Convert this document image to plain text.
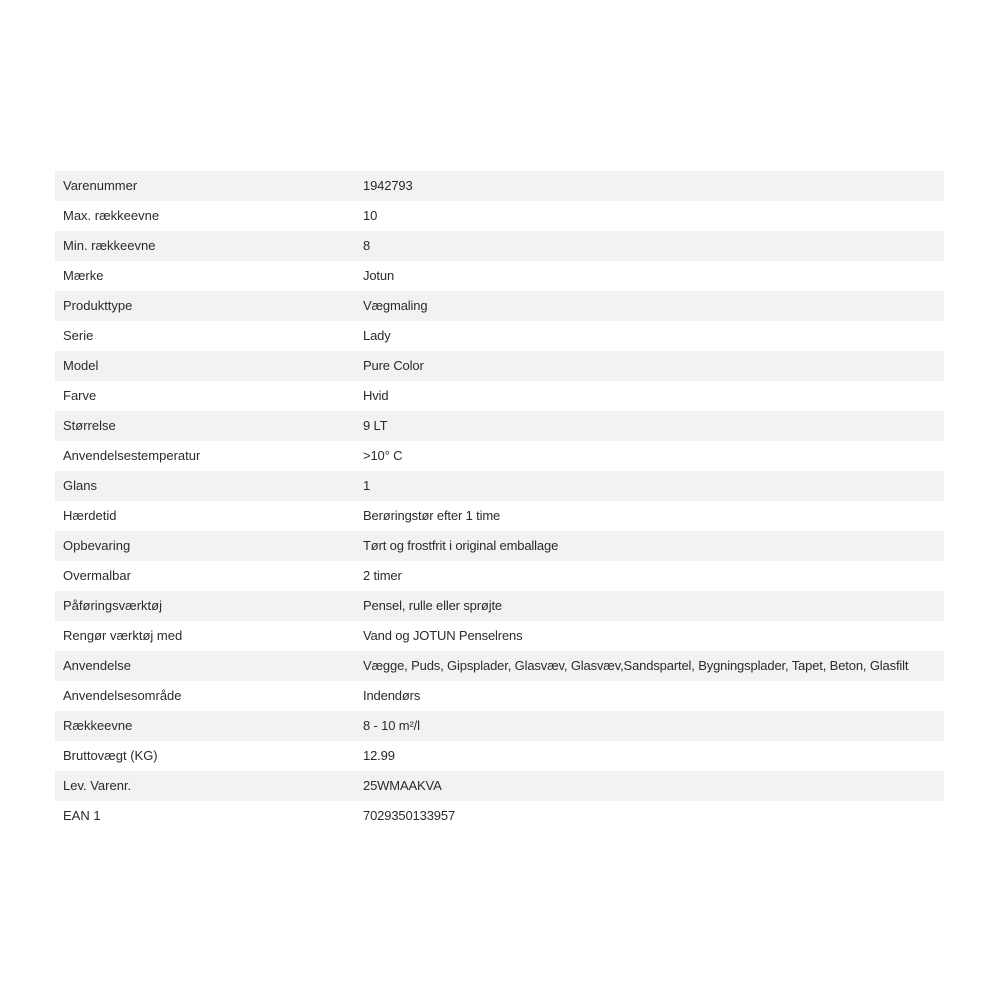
Varenummer	1942793
Max. rækkeevne	10
Min. rækkeevne	8
Mærke	Jotun
Produkttype	Vægmaling
Serie	Lady
Model	Pure Color
Farve	Hvid
Størrelse	9 LT
Anvendelsestemperatur	>10° C
Glans	1
Hærdetid	Berøringstør efter 1 time
Opbevaring	Tørt og frostfrit i original emballage
Overmalbar	2 timer
Påføringsværktøj	Pensel, rulle eller sprøjte
Rengør værktøj med	Vand og JOTUN Penselrens
Anvendelse	Vægge, Puds, Gipsplader, Glasvæv, Glasvæv,Sandspartel, Bygningsplader, Tapet, Beton, Glasfilt
Anvendelsesområde	Indendørs
Rækkeevne	8 - 10 m²/l
Bruttovægt (KG)	12.99
Lev. Varenr.	25WMAAKVA
EAN 1	7029350133957
